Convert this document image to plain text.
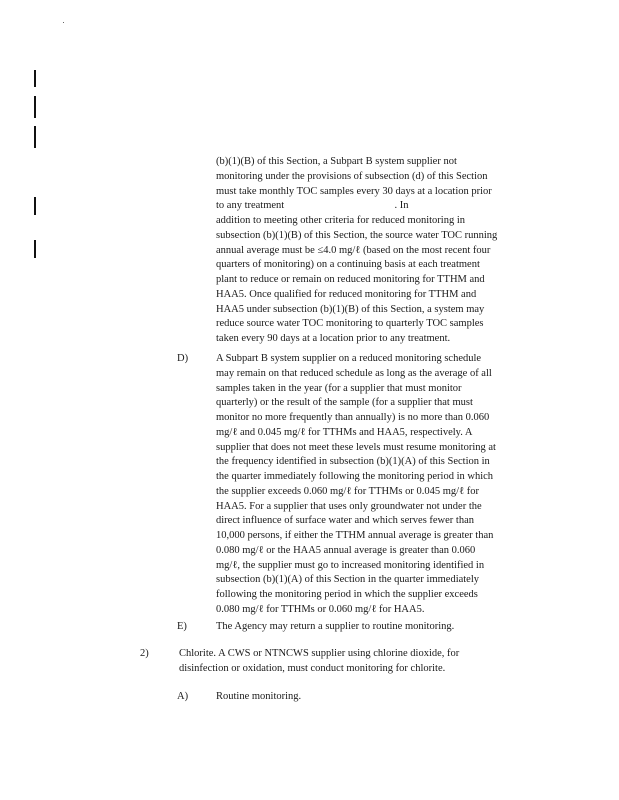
(b)(1)(B) of this Section, a Subpart B system supplier not
monitoring under the provisions of subsection (d) of this Section
must take monthly TOC samples every 30 days at a location prior
to any treatment                                          . In
addition to meeting other criteria for reduced monitoring in
subsection (b)(1)(B) of this Section, the source water TOC running
annual average must be ≤4.0 mg/ℓ (based on the most recent four
quarters of monitoring) on a continuing basis at each treatment
plant to reduce or remain on reduced monitoring for TTHM and
HAA5. Once qualified for reduced monitoring for TTHM and
HAA5 under subsection (b)(1)(B) of this Section, a system may
reduce source water TOC monitoring to quarterly TOC samples
taken every 90 days at a location prior to any treatment.
D)	A Subpart B system supplier on a reduced monitoring schedule
may remain on that reduced schedule as long as the average of all
samples taken in the year (for a supplier that must monitor
quarterly) or the result of the sample (for a supplier that must
monitor no more frequently than annually) is no more than 0.060
mg/ℓ and 0.045 mg/ℓ for TTHMs and HAA5, respectively. A
supplier that does not meet these levels must resume monitoring at
the frequency identified in subsection (b)(1)(A) of this Section in
the quarter immediately following the monitoring period in which
the supplier exceeds 0.060 mg/ℓ for TTHMs or 0.045 mg/ℓ for
HAA5. For a supplier that uses only groundwater not under the
direct influence of surface water and which serves fewer than
10,000 persons, if either the TTHM annual average is greater than
0.080 mg/ℓ or the HAA5 annual average is greater than 0.060
mg/ℓ, the supplier must go to increased monitoring identified in
subsection (b)(1)(A) of this Section in the quarter immediately
following the monitoring period in which the supplier exceeds
0.080 mg/ℓ for TTHMs or 0.060 mg/ℓ for HAA5.
E)	The Agency may return a supplier to routine monitoring.
2)	Chlorite. A CWS or NTNCWS supplier using chlorine dioxide, for
disinfection or oxidation, must conduct monitoring for chlorite.
A)	Routine monitoring.
